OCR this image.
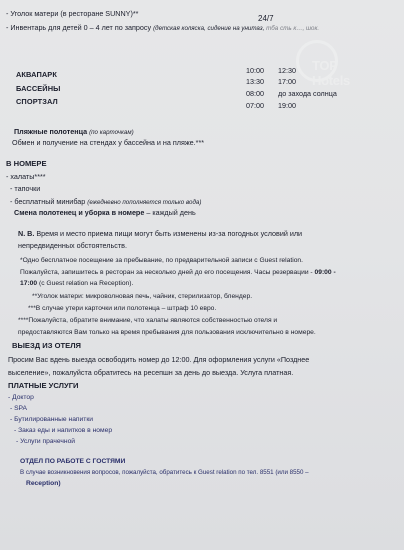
TOP Hotels
- Уголок матери (в ресторане SUNNY)**
24/7
- Инвентарь для детей 0 – 4 лет по запросу (детская коляска, сидение на унитаз, тба сть к…, шок.
АКВАПАРК	10:00 12:30
13:30 17:00
БАССЕЙНЫ
08:00 до захода солнца
СПОРТЗАЛ	07:00 19:00
Пляжные полотенца (по карточкам)
Обмен и получение на стендах у бассейна и на пляже.***
В НОМЕРЕ
- халаты****
- тапочки
- бесплатный минибар (ежедневно пополняется только вода)
Смена полотенец и уборка в номере – каждый день
N. B. Время и место приема пищи могут быть изменены из-за погодных условий или
непредвиденных обстоятельств.
*Одно бесплатное посещение за пребывание, по предварительной записи с Guest relation.
Пожалуйста, запишитесь в ресторан за несколько дней до его посещения. Часы резервации - 09:00 -
17:00 (с Guest relation на Reception).
**Уголок матери: микроволновая печь, чайник, стерилизатор, блендер.
***В случае утери карточки или полотенца – штраф 10 евро.
****Пожалуйста, обратите внимание, что халаты являются собственностью отеля и
предоставляются Вам только на время пребывания для пользования исключительно в номере.
ВЫЕЗД ИЗ ОТЕЛЯ
Просим Вас вдень выезда освободить номер до 12:00. Для оформления услуги «Позднее
выселение», пожалуйста обратитесь на ресепшн за день до выезда. Услуга платная.
ПЛАТНЫЕ УСЛУГИ
- Доктор
- SPA
- Бутилированные напитки
- Заказ еды и напитков в номер
- Услуги прачечной
ОТДЕЛ ПО РАБОТЕ С ГОСТЯМИ
В случае возникновения вопросов, пожалуйста, обратитесь к Guest relation по тел. 8551 (или 8550 –
Reception)
